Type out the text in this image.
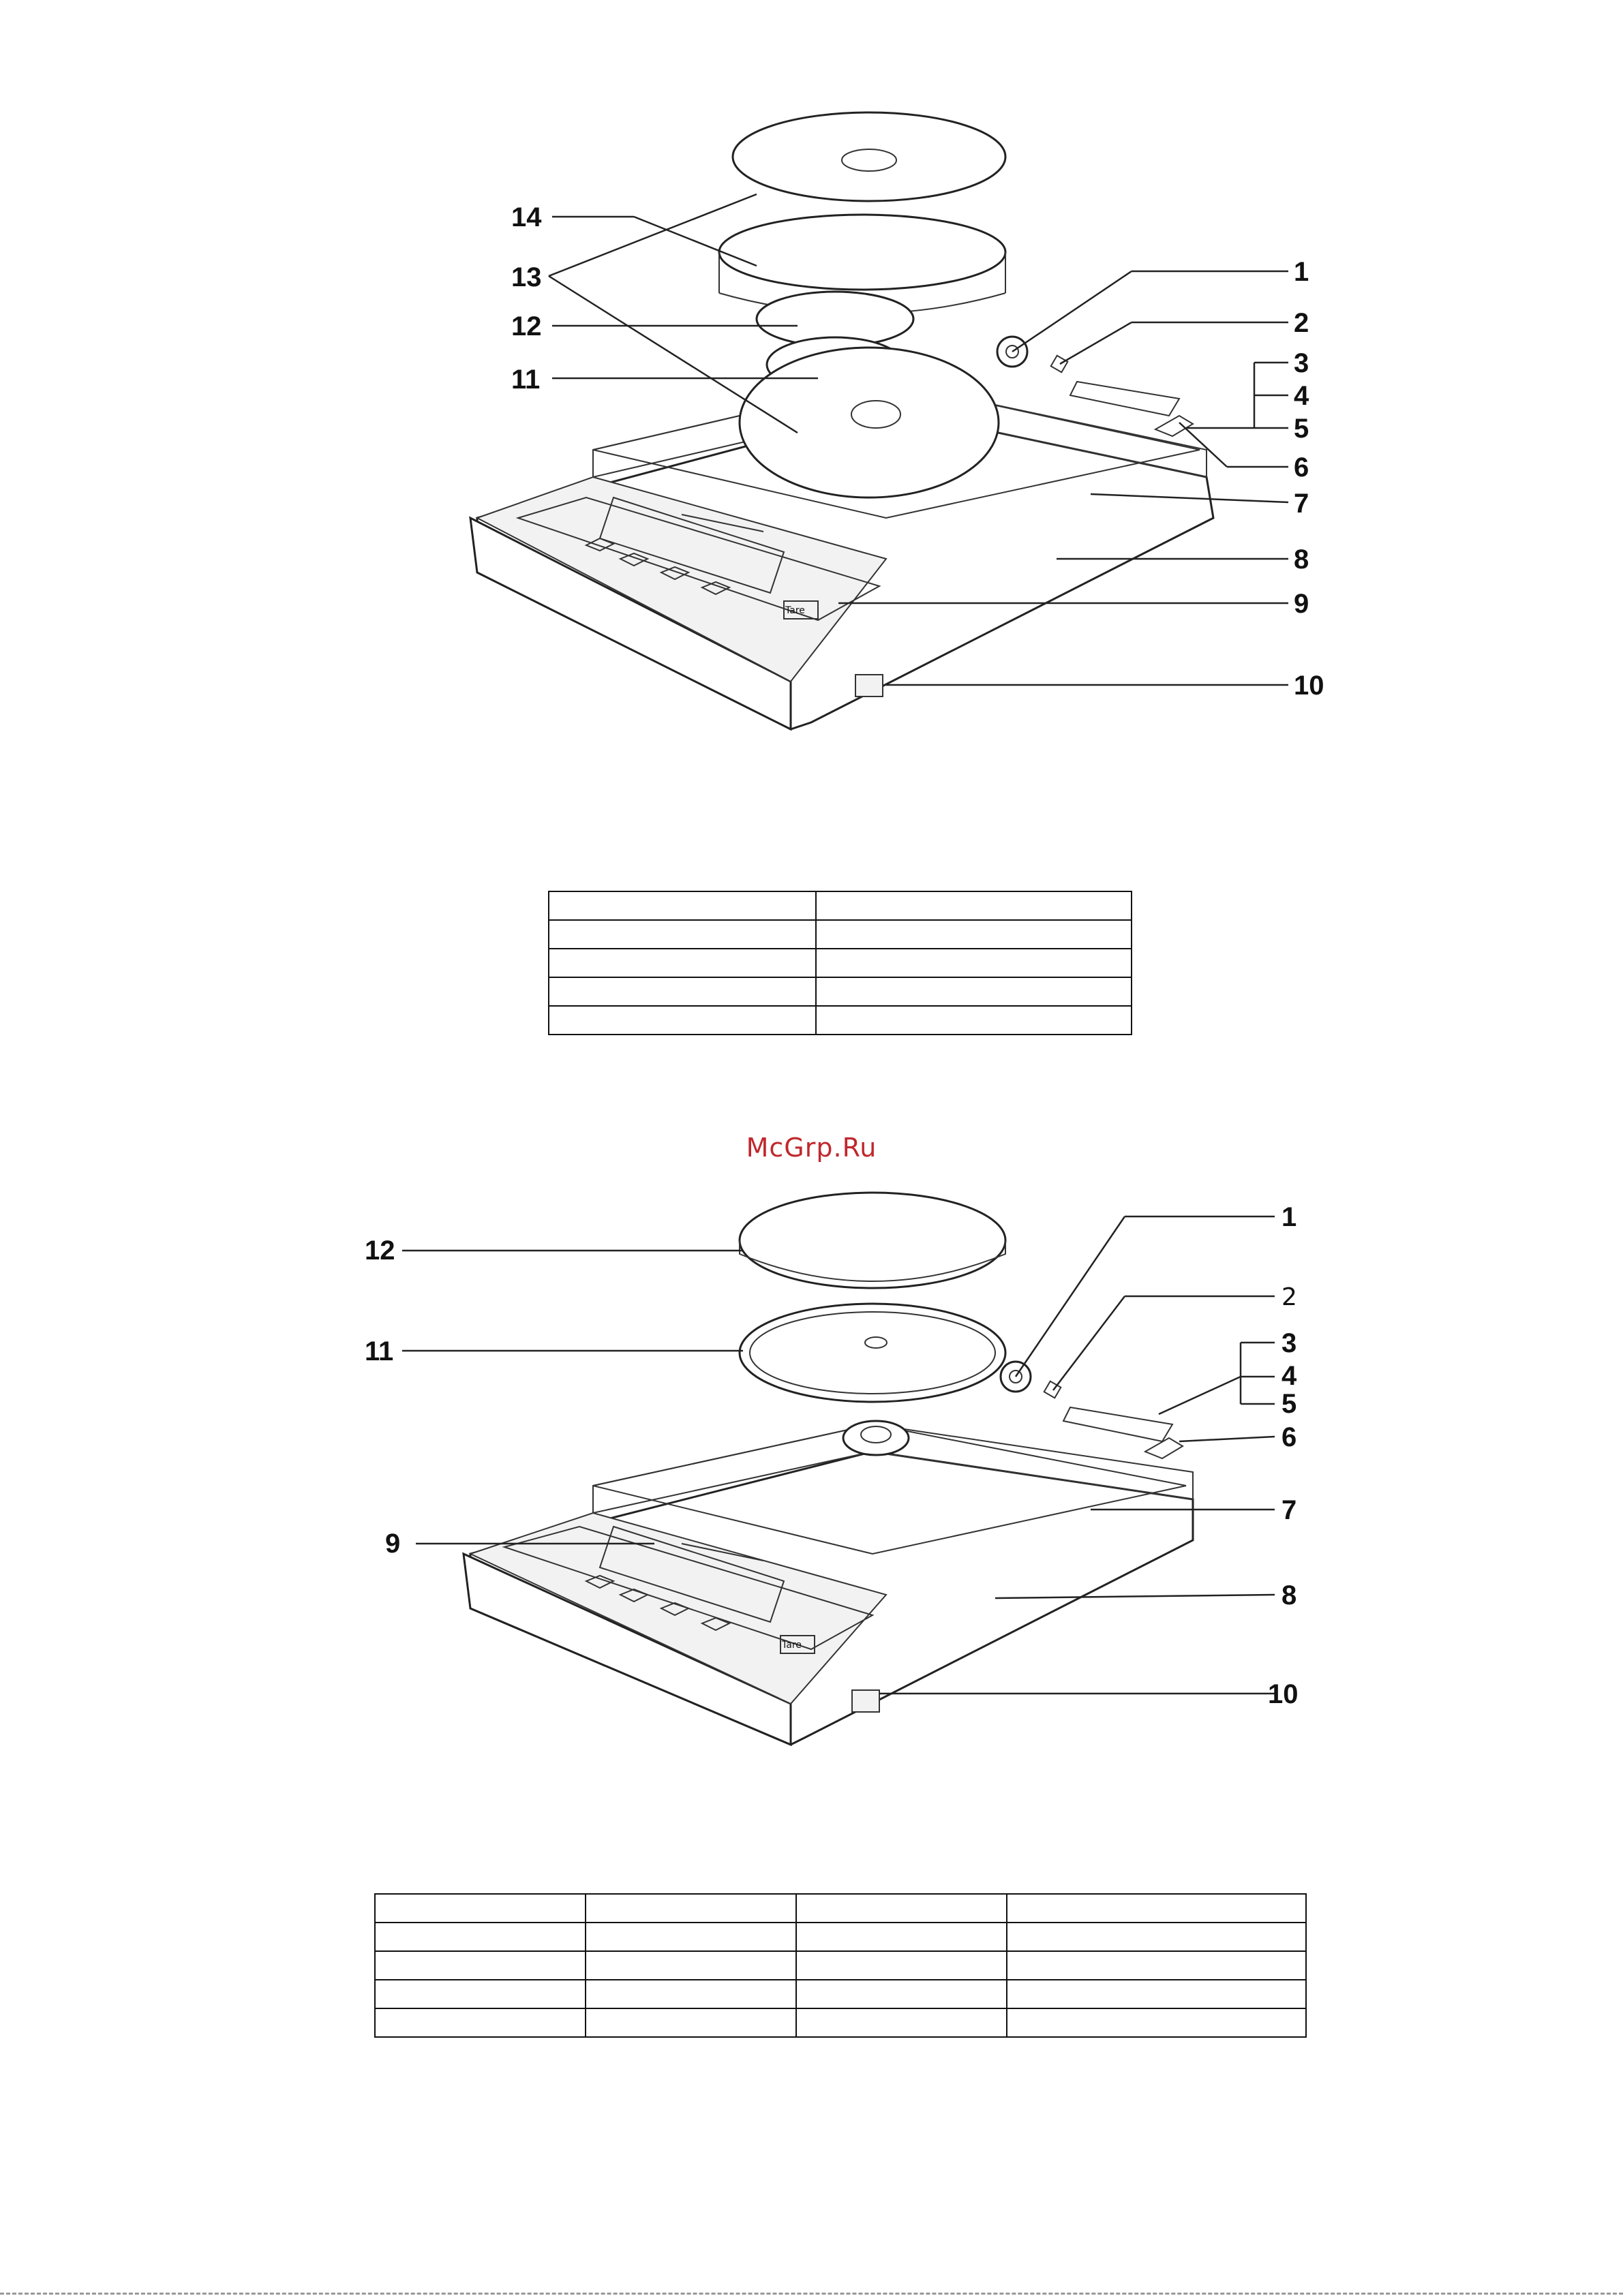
Tare
14
13
12
11
1
2
3
4
5
6
7
8
9
10

McGrp.Ru
Tare
12
11
9
1
2
3
4
5
6
7
8
10
